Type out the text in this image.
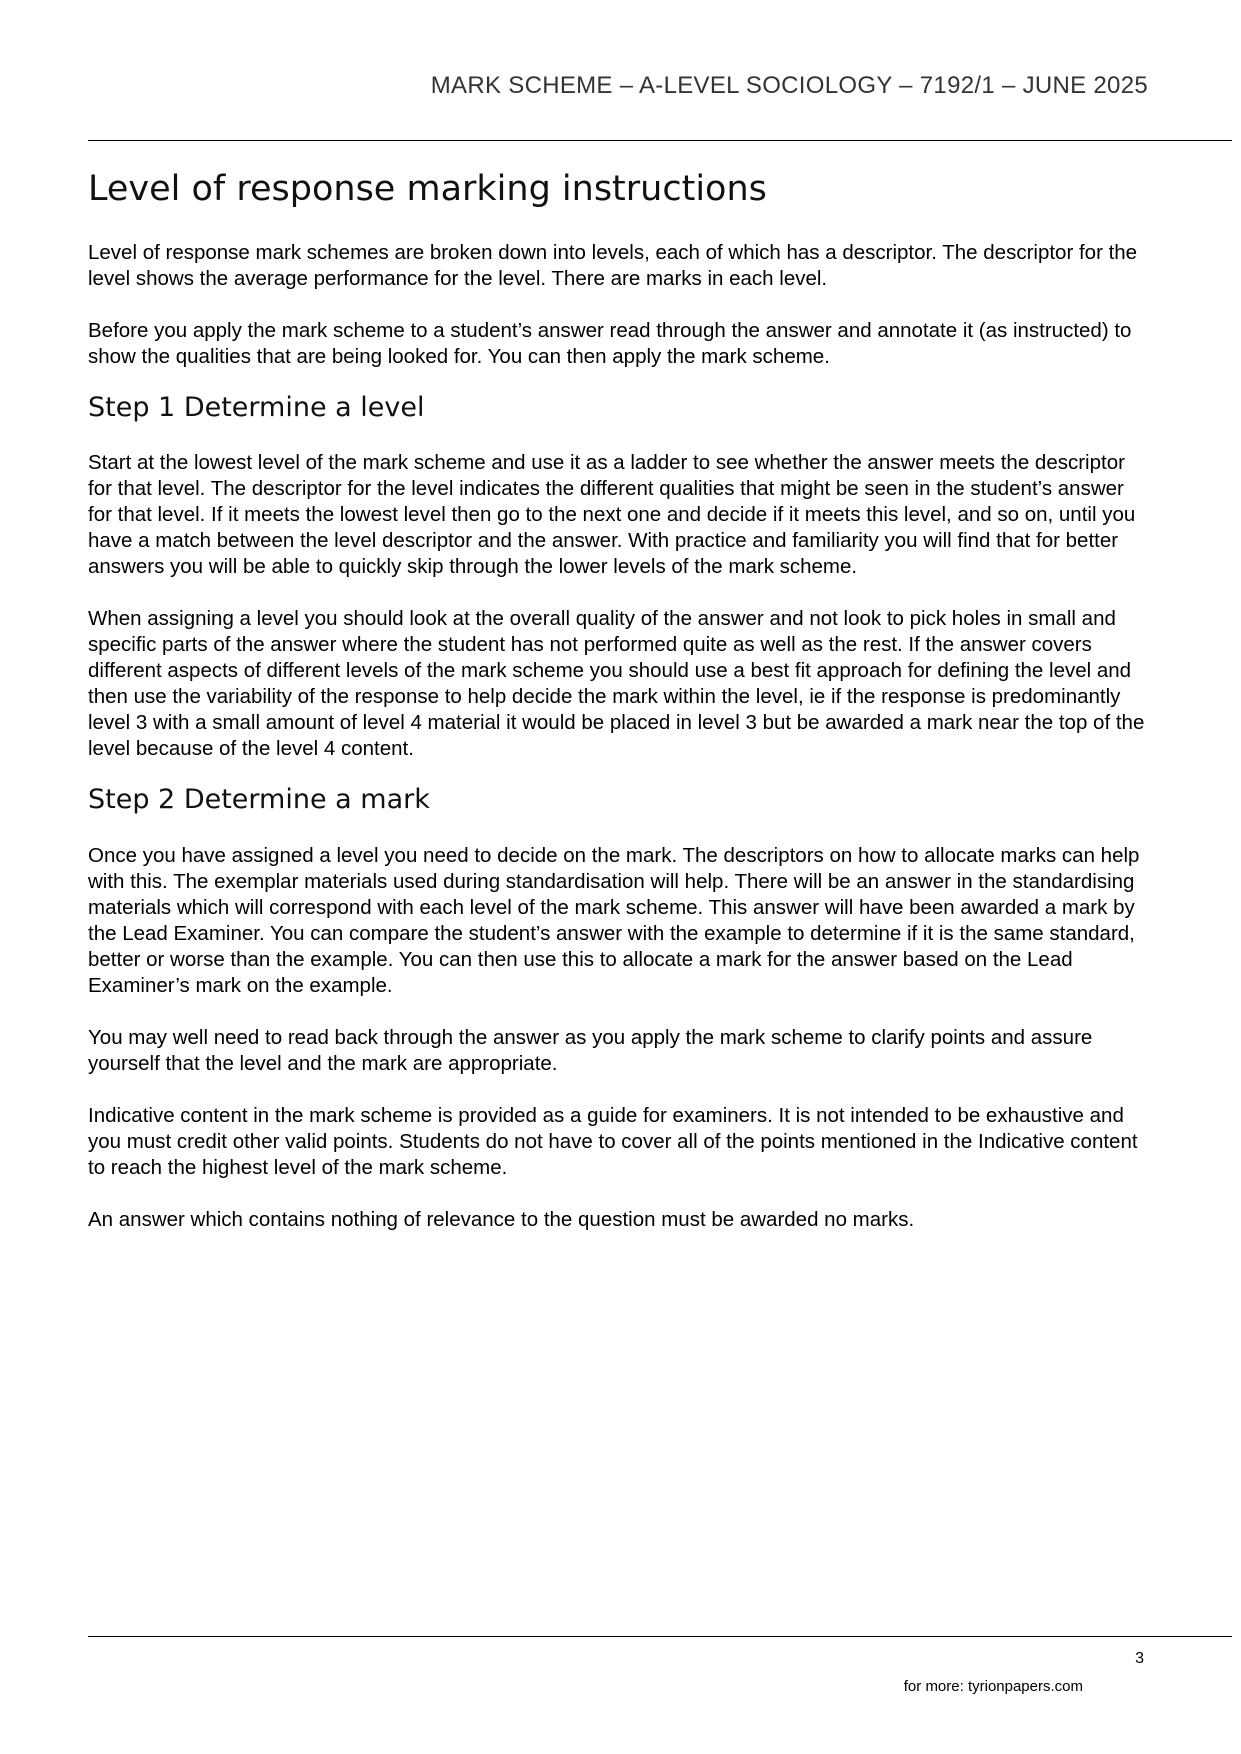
MARK SCHEME – A-LEVEL SOCIOLOGY – 7192/1 – JUNE 2025
Level of response marking instructions

Level of response mark schemes are broken down into levels, each of which has a descriptor. The descriptor for the level shows the average performance for the level. There are marks in each level.

Before you apply the mark scheme to a student’s answer read through the answer and annotate it (as instructed) to show the qualities that are being looked for. You can then apply the mark scheme.

Step 1 Determine a level

Start at the lowest level of the mark scheme and use it as a ladder to see whether the answer meets the descriptor for that level. The descriptor for the level indicates the different qualities that might be seen in the student’s answer for that level. If it meets the lowest level then go to the next one and decide if it meets this level, and so on, until you have a match between the level descriptor and the answer. With practice and familiarity you will find that for better answers you will be able to quickly skip through the lower levels of the mark scheme.

When assigning a level you should look at the overall quality of the answer and not look to pick holes in small and specific parts of the answer where the student has not performed quite as well as the rest. If the answer covers different aspects of different levels of the mark scheme you should use a best fit approach for defining the level and then use the variability of the response to help decide the mark within the level, ie if the response is predominantly level 3 with a small amount of level 4 material it would be placed in level 3 but be awarded a mark near the top of the level because of the level 4 content.

Step 2 Determine a mark

Once you have assigned a level you need to decide on the mark. The descriptors on how to allocate marks can help with this. The exemplar materials used during standardisation will help. There will be an answer in the standardising materials which will correspond with each level of the mark scheme. This answer will have been awarded a mark by the Lead Examiner. You can compare the student’s answer with the example to determine if it is the same standard, better or worse than the example. You can then use this to allocate a mark for the answer based on the Lead Examiner’s mark on the example.

You may well need to read back through the answer as you apply the mark scheme to clarify points and assure yourself that the level and the mark are appropriate.

Indicative content in the mark scheme is provided as a guide for examiners. It is not intended to be exhaustive and you must credit other valid points. Students do not have to cover all of the points mentioned in the Indicative content to reach the highest level of the mark scheme.

An answer which contains nothing of relevance to the question must be awarded no marks.

3
for more: tyrionpapers.com
